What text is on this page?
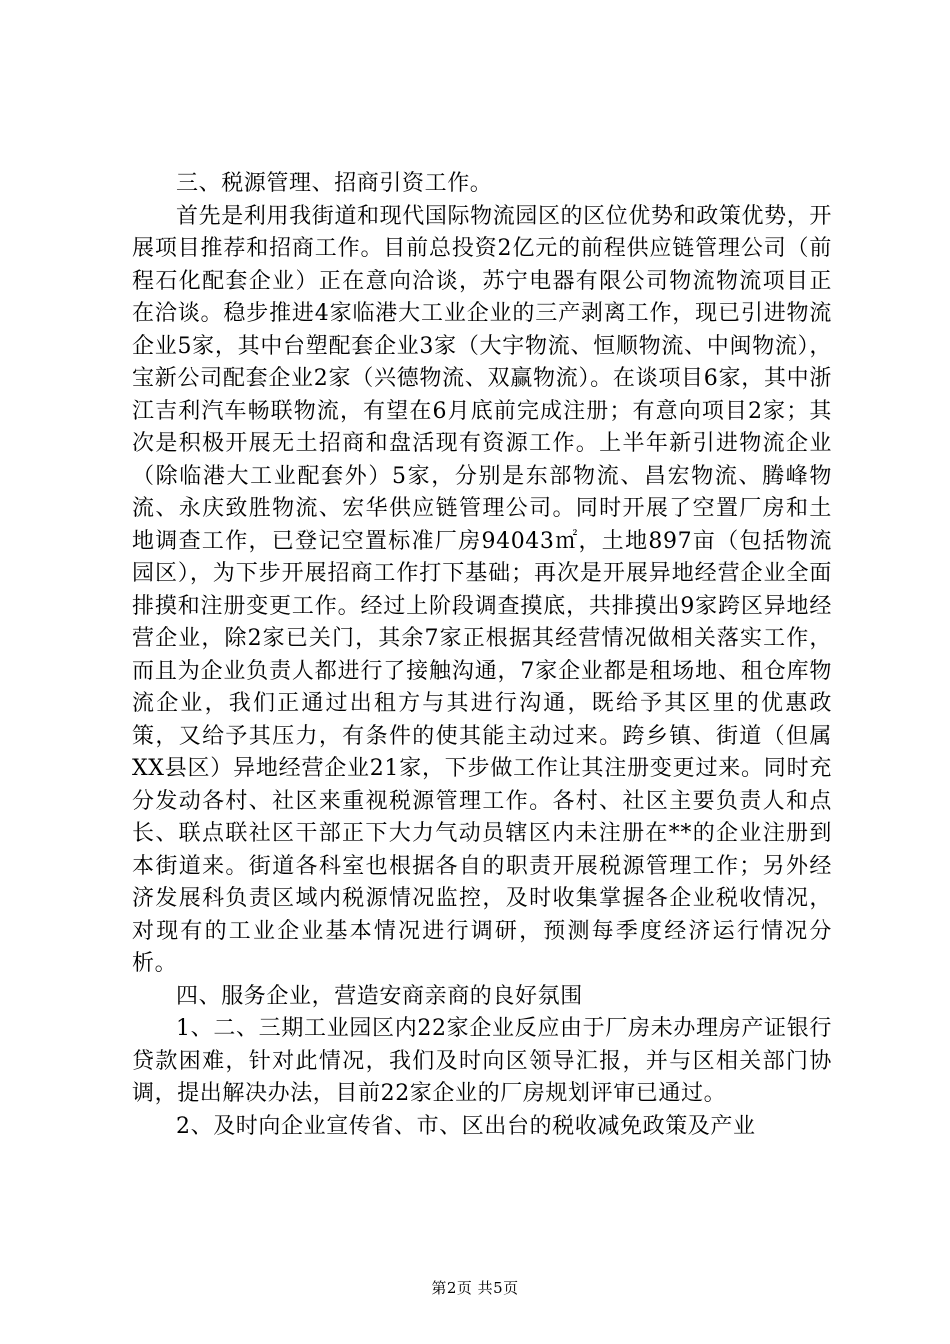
三、税源管理、招商引资工作。

首先是利用我街道和现代国际物流园区的区位优势和政策优势，开展项目推荐和招商工作。目前总投资2亿元的前程供应链管理公司（前程石化配套企业）正在意向洽谈，苏宁电器有限公司物流物流项目正在洽谈。稳步推进4家临港大工业企业的三产剥离工作，现已引进物流企业5家，其中台塑配套企业3家（大宇物流、恒顺物流、中闽物流），宝新公司配套企业2家（兴德物流、双赢物流）。在谈项目6家，其中浙江吉利汽车畅联物流，有望在6月底前完成注册；有意向项目2家；其次是积极开展无土招商和盘活现有资源工作。上半年新引进物流企业（除临港大工业配套外）5家，分别是东部物流、昌宏物流、腾峰物流、永庆致胜物流、宏华供应链管理公司。同时开展了空置厂房和土地调查工作，已登记空置标准厂房94043㎡，土地897亩（包括物流园区），为下步开展招商工作打下基础；再次是开展异地经营企业全面排摸和注册变更工作。经过上阶段调查摸底，共排摸出9家跨区异地经营企业，除2家已关门，其余7家正根据其经营情况做相关落实工作，而且为企业负责人都进行了接触沟通，7家企业都是租场地、租仓库物流企业，我们正通过出租方与其进行沟通，既给予其区里的优惠政策，又给予其压力，有条件的使其能主动过来。跨乡镇、街道（但属XX县区）异地经营企业21家，下步做工作让其注册变更过来。同时充分发动各村、社区来重视税源管理工作。各村、社区主要负责人和点长、联点联社区干部正下大力气动员辖区内未注册在**的企业注册到本街道来。街道各科室也根据各自的职责开展税源管理工作；另外经济发展科负责区域内税源情况监控，及时收集掌握各企业税收情况，对现有的工业企业基本情况进行调研，预测每季度经济运行情况分析。

四、服务企业，营造安商亲商的良好氛围

1、二、三期工业园区内22家企业反应由于厂房未办理房产证银行贷款困难，针对此情况，我们及时向区领导汇报，并与区相关部门协调，提出解决办法，目前22家企业的厂房规划评审已通过。

2、及时向企业宣传省、市、区出台的税收减免政策及产业

第2页 共5页
